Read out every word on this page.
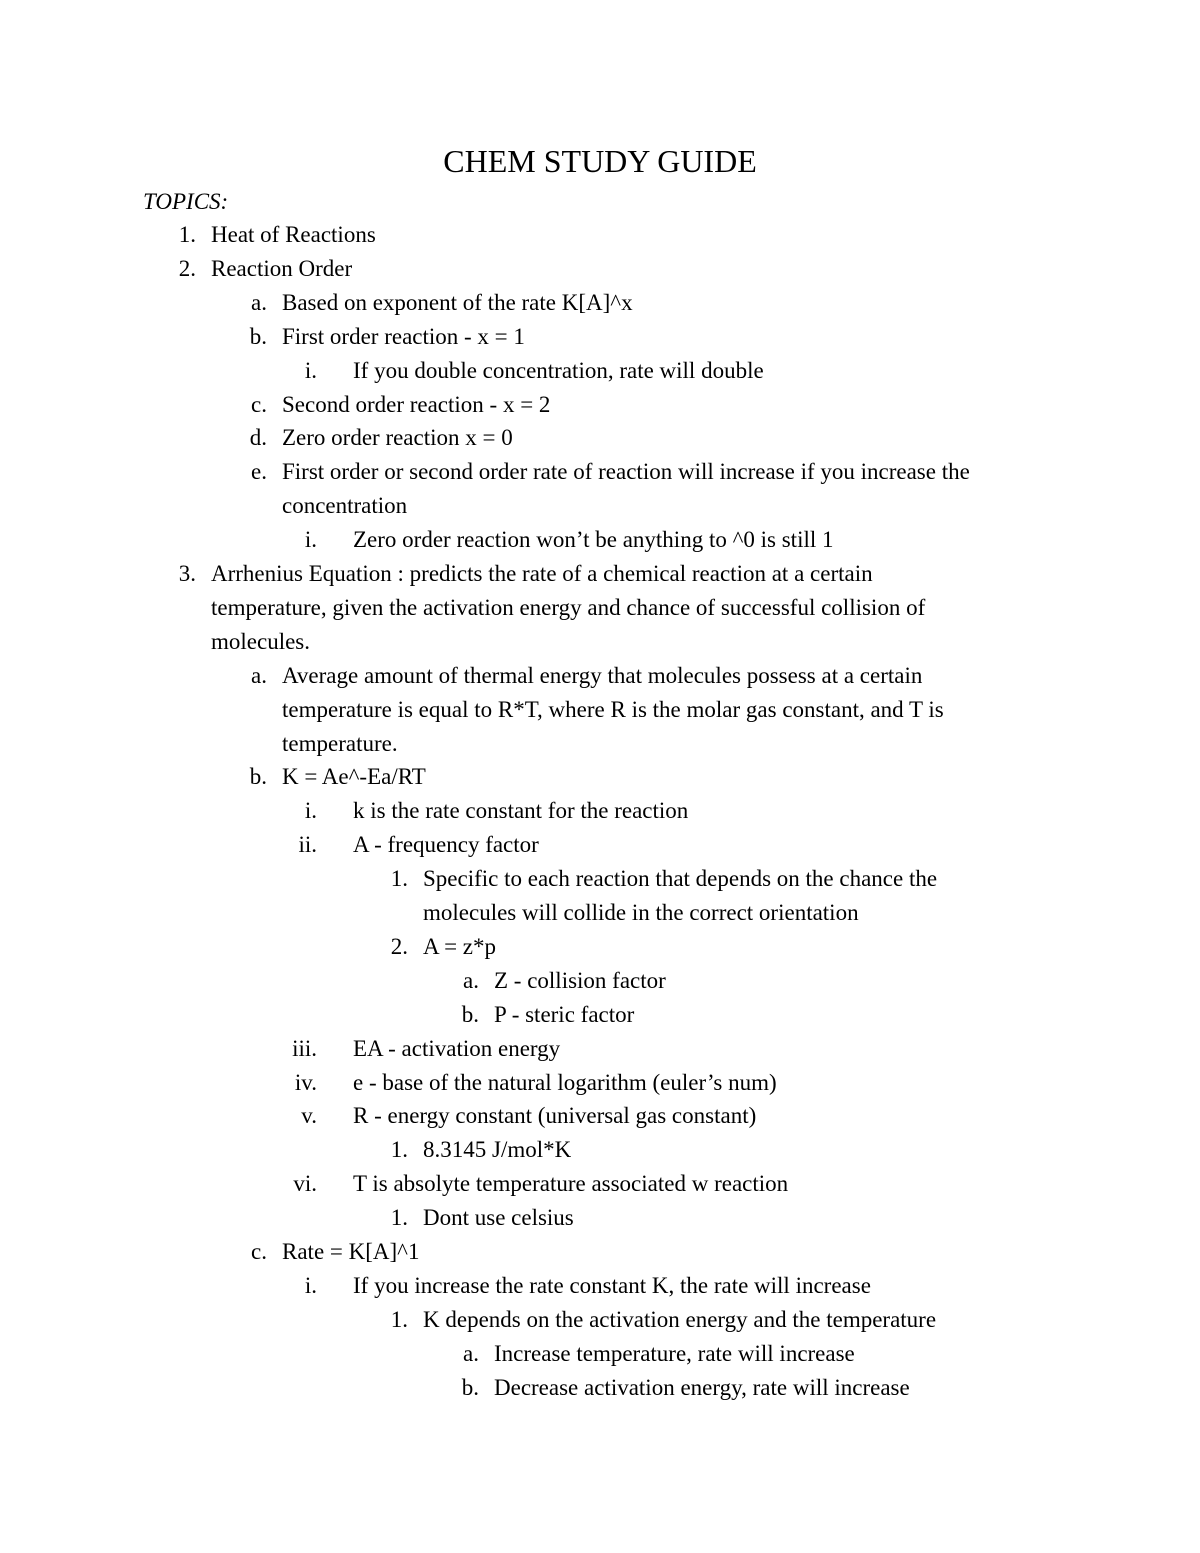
CHEM STUDY GUIDE
TOPICS:
1. Heat of Reactions
2. Reaction Order
a. Based on exponent of the rate K[A]^x
b. First order reaction - x = 1
i. If you double concentration, rate will double
c. Second order reaction - x = 2
d. Zero order reaction x = 0
e. First order or second order rate of reaction will increase if you increase the
concentration
i. Zero order reaction won’t be anything to ^0 is still 1
3. Arrhenius Equation : predicts the rate of a chemical reaction at a certain
temperature, given the activation energy and chance of successful collision of
molecules.
a. Average amount of thermal energy that molecules possess at a certain
temperature is equal to R*T, where R is the molar gas constant, and T is
temperature.
b. K = Ae^-Ea/RT
i. k is the rate constant for the reaction
ii. A - frequency factor
1. Specific to each reaction that depends on the chance the
molecules will collide in the correct orientation
2. A = z*p
a. Z - collision factor
b. P - steric factor
iii. EA - activation energy
iv. e - base of the natural logarithm (euler’s num)
v. R - energy constant (universal gas constant)
1. 8.3145 J/mol*K
vi. T is absolyte temperature associated w reaction
1. Dont use celsius
c. Rate = K[A]^1
i. If you increase the rate constant K, the rate will increase
1. K depends on the activation energy and the temperature
a. Increase temperature, rate will increase
b. Decrease activation energy, rate will increase
